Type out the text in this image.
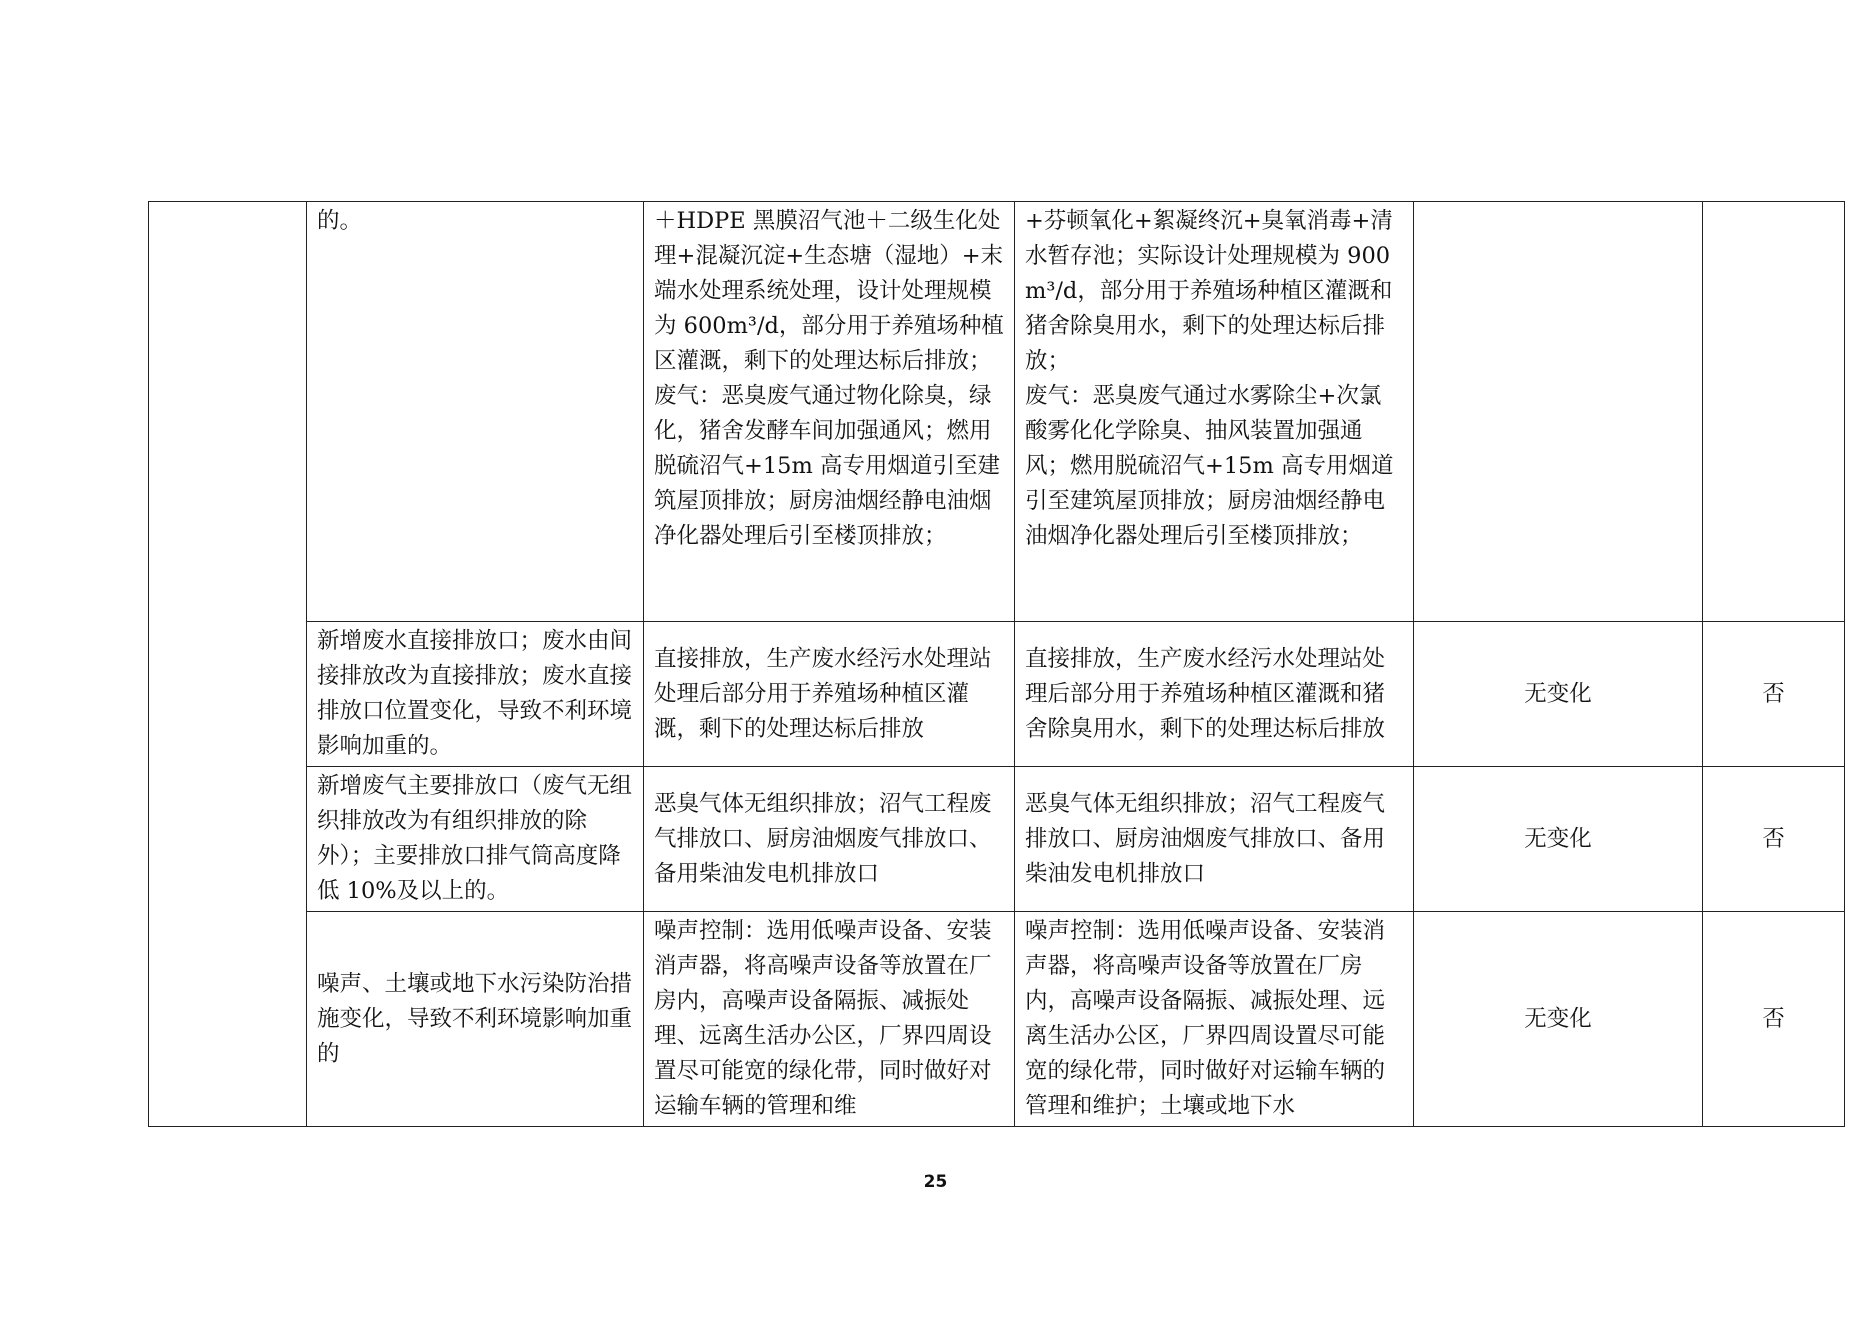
	的。	＋HDPE 黑膜沼气池＋二级生化处理+混凝沉淀+生态塘（湿地）+末端水处理系统处理，设计处理规模为 600m³/d，部分用于养殖场种植区灌溉，剩下的处理达标后排放；
废气：恶臭废气通过物化除臭，绿化，猪舍发酵车间加强通风；燃用脱硫沼气+15m 高专用烟道引至建筑屋顶排放；厨房油烟经静电油烟净化器处理后引至楼顶排放；	+芬顿氧化+絮凝终沉+臭氧消毒+清水暂存池；实际设计处理规模为 900m³/d，部分用于养殖场种植区灌溉和猪舍除臭用水，剩下的处理达标后排放；
废气：恶臭废气通过水雾除尘+次氯酸雾化化学除臭、抽风装置加强通风；燃用脱硫沼气+15m 高专用烟道引至建筑屋顶排放；厨房油烟经静电油烟净化器处理后引至楼顶排放；		
	新增废水直接排放口；废水由间接排放改为直接排放；废水直接排放口位置变化，导致不利环境影响加重的。	直接排放，生产废水经污水处理站处理后部分用于养殖场种植区灌溉，剩下的处理达标后排放	直接排放，生产废水经污水处理站处理后部分用于养殖场种植区灌溉和猪舍除臭用水，剩下的处理达标后排放	无变化	否
	新增废气主要排放口（废气无组织排放改为有组织排放的除外）；主要排放口排气筒高度降低 10%及以上的。	恶臭气体无组织排放；沼气工程废气排放口、厨房油烟废气排放口、备用柴油发电机排放口	恶臭气体无组织排放；沼气工程废气排放口、厨房油烟废气排放口、备用柴油发电机排放口	无变化	否
	噪声、土壤或地下水污染防治措施变化，导致不利环境影响加重的	噪声控制：选用低噪声设备、安装消声器，将高噪声设备等放置在厂房内，高噪声设备隔振、减振处理、远离生活办公区，厂界四周设置尽可能宽的绿化带，同时做好对运输车辆的管理和维	噪声控制：选用低噪声设备、安装消声器，将高噪声设备等放置在厂房内，高噪声设备隔振、减振处理、远离生活办公区，厂界四周设置尽可能宽的绿化带，同时做好对运输车辆的管理和维护；土壤或地下水	无变化	否
25
